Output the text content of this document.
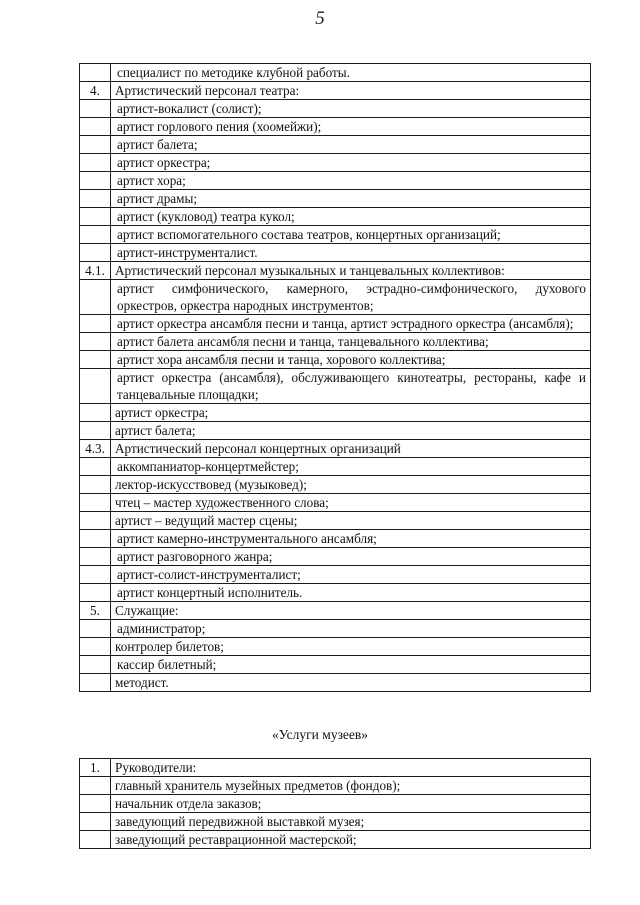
5
	специалист по методике клубной работы.
4.	Артистический персонал театра:
	артист-вокалист (солист);
	артист горлового пения (хоомейжи);
	артист балета;
	артист оркестра;
	артист хора;
	артист драмы;
	артист (кукловод) театра кукол;
	артист вспомогательного состава театров, концертных организаций;
	артист-инструменталист.
4.1.	Артистический персонал музыкальных и танцевальных коллективов:
	артист симфонического, камерного, эстрадно-симфонического, духового оркестров, оркестра народных инструментов;
	артист оркестра ансамбля песни и танца, артист эстрадного оркестра (ансамбля);
	артист балета ансамбля песни и танца, танцевального коллектива;
	артист хора ансамбля песни и танца, хорового коллектива;
	артист оркестра (ансамбля), обслуживающего кинотеатры, рестораны, кафе и танцевальные площадки;
	артист оркестра;
	артист балета;
4.3.	Артистический персонал концертных организаций
	аккомпаниатор-концертмейстер;
	лектор-искусствовед (музыковед);
	чтец – мастер художественного слова;
	артист – ведущий мастер сцены;
	артист камерно-инструментального ансамбля;
	артист разговорного жанра;
	артист-солист-инструменталист;
	артист концертный исполнитель.
5.	Служащие:
	администратор;
	контролер билетов;
	кассир билетный;
	методист.
«Услуги музеев»
1.	Руководители:
	главный хранитель музейных предметов (фондов);
	начальник отдела заказов;
	заведующий передвижной выставкой музея;
	заведующий реставрационной мастерской;
